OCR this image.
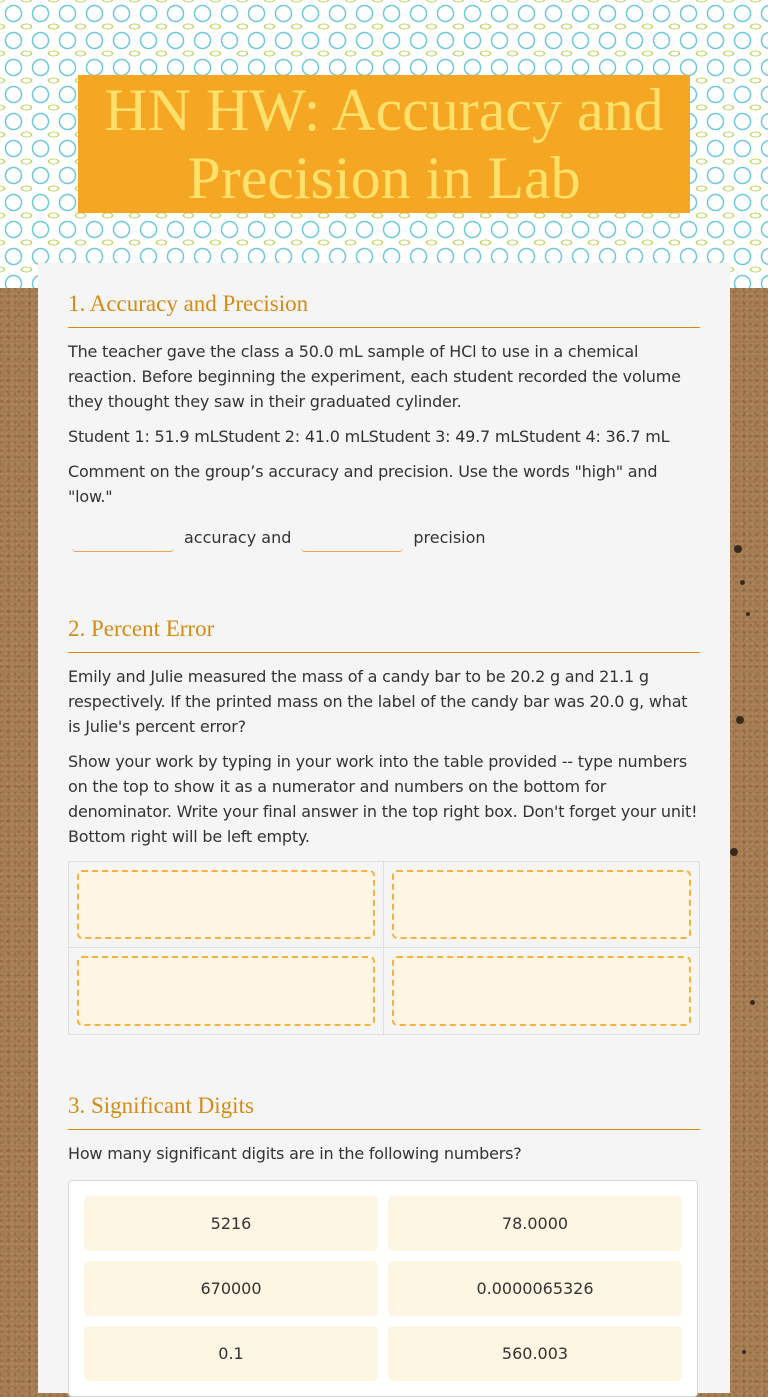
HN HW: Accuracy and Precision in Lab
1. Accuracy and Precision

The teacher gave the class a 50.0 mL sample of HCl to use in a chemical reaction. Before beginning the experiment, each student recorded the volume they thought they saw in their graduated cylinder.

Student 1: 51.9 mLStudent 2: 41.0 mLStudent 3: 49.7 mLStudent 4: 36.7 mL

Comment on the group’s accuracy and precision. Use the words "high" and "low."

accuracy and	precision
2. Percent Error

Emily and Julie measured the mass of a candy bar to be 20.2 g and 21.1 g respectively. If the printed mass on the label of the candy bar was 20.0 g, what is Julie's percent error?

Show your work by typing in your work into the table provided -- type numbers on the top to show it as a numerator and numbers on the bottom for denominator. Write your final answer in the top right box. Don't forget your unit! Bottom right will be left empty.

3. Significant Digits

How many significant digits are in the following numbers?

5216	78.0000
670000	0.0000065326
0.1	560.003
